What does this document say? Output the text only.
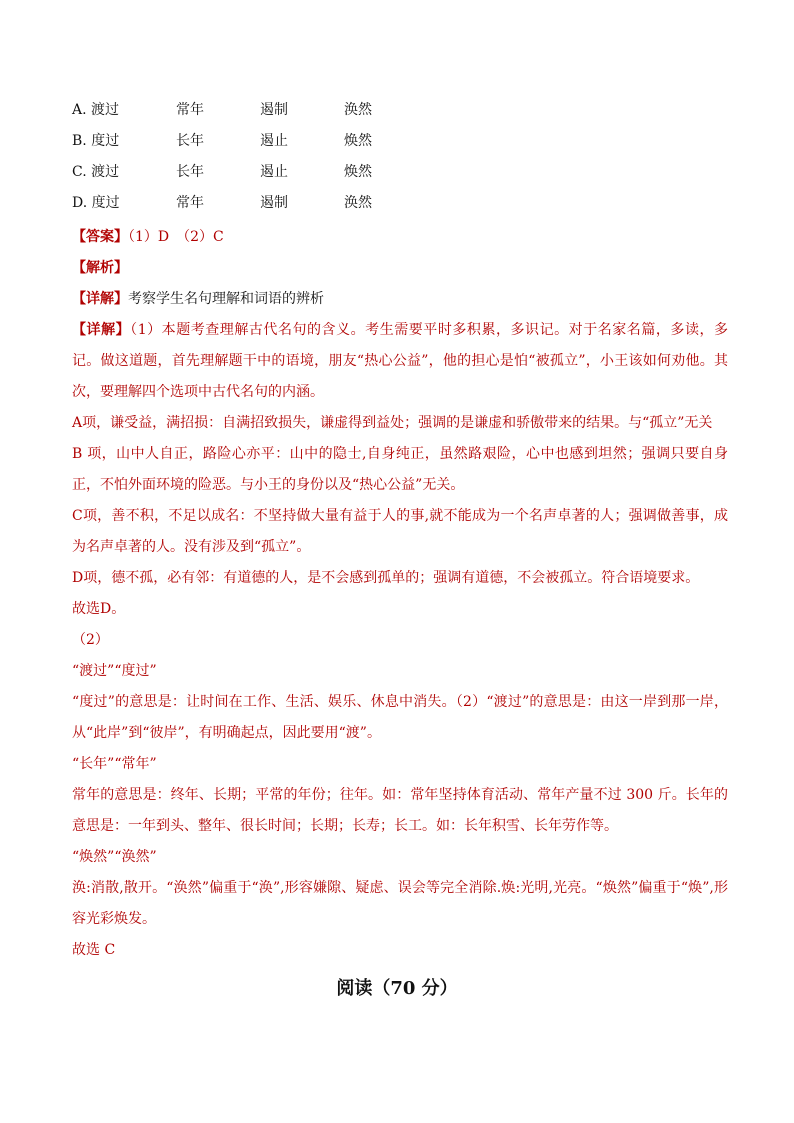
A. 渡过	常年	遏制	涣然
B. 度过	长年	遏止	焕然
C. 渡过	长年	遏止	焕然
D. 度过	常年	遏制	涣然

【答案】（1）D　（2）C

【解析】

【详解】考察学生名句理解和词语的辨析

【详解】（1）本题考查理解古代名句的含义。考生需要平时多积累，多识记。对于名家名篇，多读，多记。做这道题，首先理解题干中的语境，朋友“热心公益”，他的担心是怕“被孤立”，小王该如何劝他。其次，要理解四个选项中古代名句的内涵。

A项，谦受益，满招损：自满招致损失，谦虚得到益处；强调的是谦虚和骄傲带来的结果。与“孤立”无关

B 项，山中人自正，路险心亦平：山中的隐士,自身纯正，虽然路艰险，心中也感到坦然；强调只要自身正，不怕外面环境的险恶。与小王的身份以及“热心公益”无关。

C项，善不积，不足以成名：不坚持做大量有益于人的事,就不能成为一个名声卓著的人；强调做善事，成为名声卓著的人。没有涉及到“孤立”。

D项，德不孤，必有邻：有道德的人，是不会感到孤单的；强调有道德，不会被孤立。符合语境要求。

故选D。

（2）

“渡过”“度过”

“度过”的意思是：让时间在工作、生活、娱乐、休息中消失。（2）“渡过”的意思是：由这一岸到那一岸，从“此岸”到“彼岸”，有明确起点，因此要用“渡”。

“长年”“常年”

常年的意思是：终年、长期；平常的年份；往年。如：常年坚持体育活动、常年产量不过 300 斤。长年的意思是：一年到头、整年、很长时间；长期；长寿；长工。如：长年积雪、长年劳作等。

“焕然”“涣然”

涣:消散,散开。“涣然”偏重于“涣”,形容嫌隙、疑虑、误会等完全消除.焕:光明,光亮。“焕然”偏重于“焕”,形容光彩焕发。

故选 C

阅读（70 分）
